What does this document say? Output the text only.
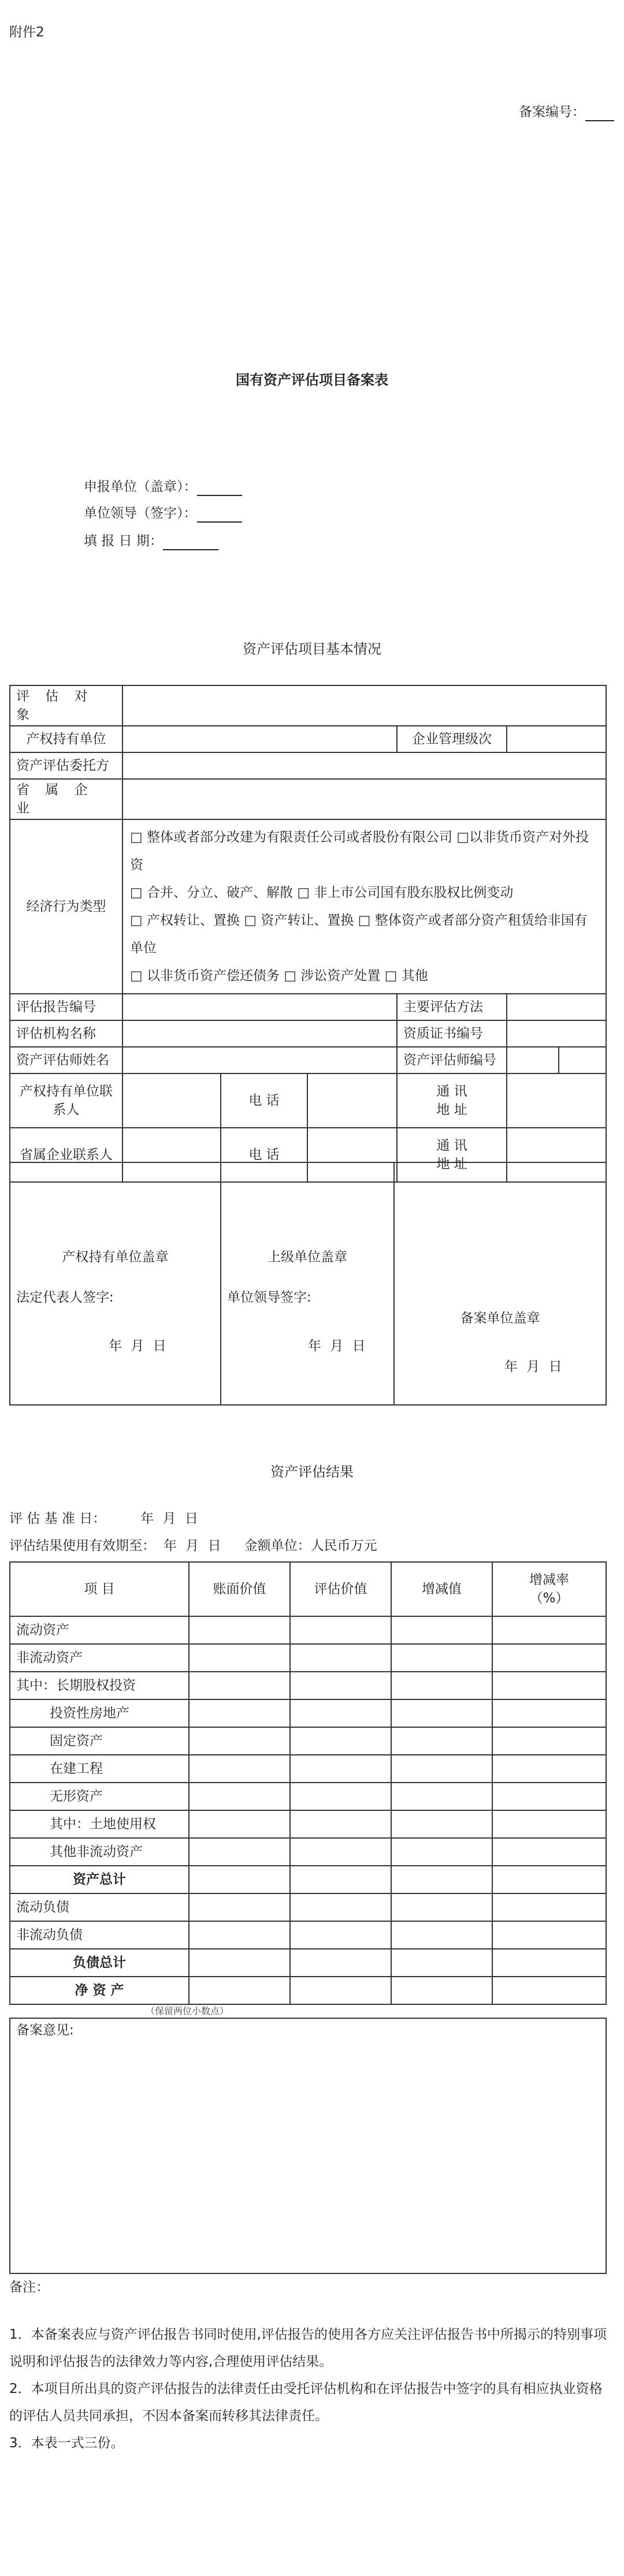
附件2
备案编号：
国有资产评估项目备案表
申报单位（盖章）：
单位领导（签字）：
填 报 日 期：
资产评估项目基本情况
评 估 对 象						
产权持有单位				企业管理级次		
资产评估委托方						
省 属 企 业						
经济行为类型	□ 整体或者部分改建为有限责任公司或者股份有限公司 □以非货币资产对外投资
□ 合并、分立、破产、解散 □ 非上市公司国有股东股权比例变动
□ 产权转让、置换 □ 资产转让、置换 □ 整体资产或者部分资产租赁给非国有单位
□ 以非货币资产偿还债务 □ 涉讼资产处置 □ 其他					

评估报告编号				主要评估方法		
评估机构名称				资质证书编号		
资产评估师姓名				资产评估师编号		
产权持有单位联系人		电 话		通 讯 地 址		
省属企业联系人		电 话		通 讯 地 址		
产权持有单位盖章
法定代表人签字:
年 月 日

上级单位盖章
单位领导签字:
年 月 日

备案单位盖章
年 月 日
资产评估结果
评 估 基 准 日：	年 月 日
评估结果使用有效期至： 年 月 日 金额单位：人民币万元
项 目	账面价值	评估价值	增减值	增减率（%）
流动资产				
非流动资产				
其中：长期股权投资				
投资性房地产				
固定资产				
在建工程				
无形资产				
其中：土地使用权				
其他非流动资产				
资产总计				
流动负债				
非流动负债				
负债总计				
净 资 产				
（保留两位小数点）
备案意见:
备注：
1．本备案表应与资产评估报告书同时使用,评估报告的使用各方应关注评估报告书中所揭示的特别事项说明和评估报告的法律效力等内容,合理使用评估结果。
2．本项目所出具的资产评估报告的法律责任由受托评估机构和在评估报告中签字的具有相应执业资格的评估人员共同承担，不因本备案而转移其法律责任。
3．本表一式三份。
